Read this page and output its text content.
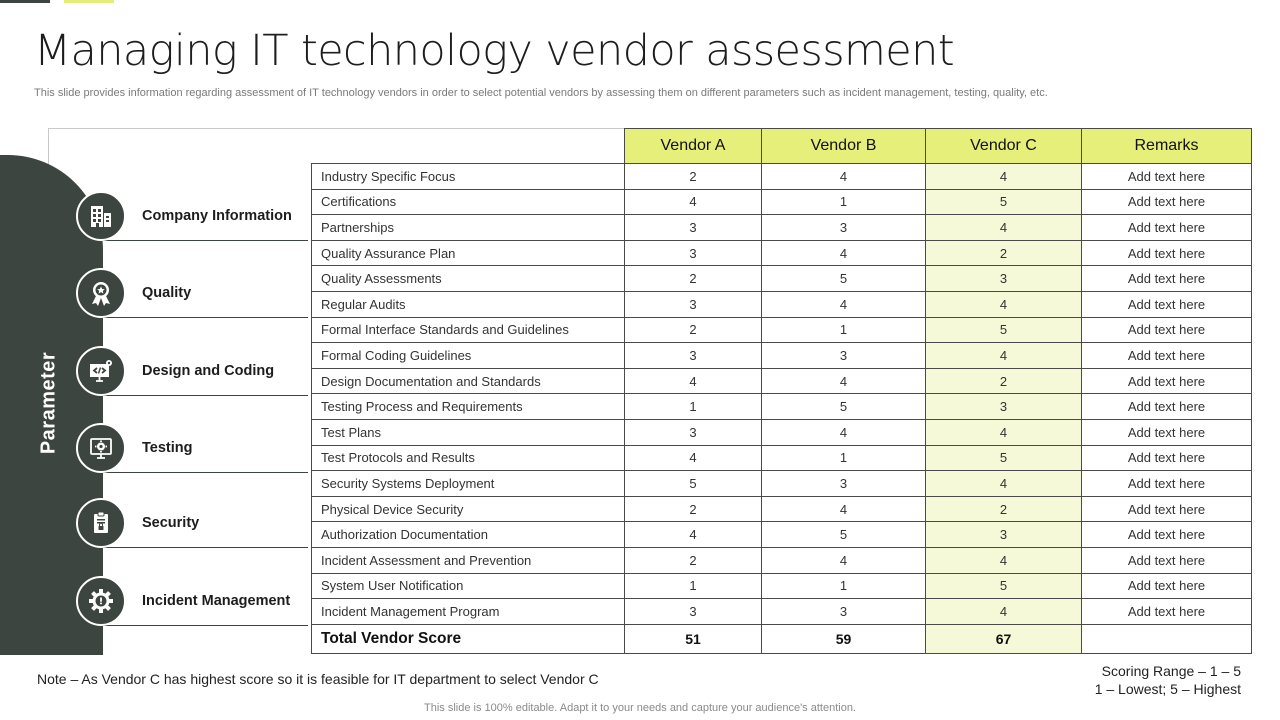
Managing IT technology vendor assessment

This slide provides information regarding assessment of IT technology vendors in order to select potential vendors by assessing them on different parameters such as incident management, testing, quality, etc.

Parameter
Company Information
Quality
Design and Coding
Testing
Security
Incident Management
	Vendor A	Vendor B	Vendor C	Remarks
Industry Specific Focus	2	4	4	Add text here
Certifications	4	1	5	Add text here
Partnerships	3	3	4	Add text here
Quality Assurance Plan	3	4	2	Add text here
Quality Assessments	2	5	3	Add text here
Regular Audits	3	4	4	Add text here
Formal Interface Standards and Guidelines	2	1	5	Add text here
Formal Coding Guidelines	3	3	4	Add text here
Design Documentation and Standards	4	4	2	Add text here
Testing Process and Requirements	1	5	3	Add text here
Test Plans	3	4	4	Add text here
Test Protocols and Results	4	1	5	Add text here
Security Systems Deployment	5	3	4	Add text here
Physical Device Security	2	4	2	Add text here
Authorization Documentation	4	5	3	Add text here
Incident Assessment and Prevention	2	4	4	Add text here
System User Notification	1	1	5	Add text here
Incident Management Program	3	3	4	Add text here
Total Vendor Score	51	59	67	

Note – As Vendor C has highest score so it is feasible for IT department to select Vendor C	Scoring Range – 1 – 5
1 – Lowest; 5 – Highest

This slide is 100% editable. Adapt it to your needs and capture your audience's attention.
